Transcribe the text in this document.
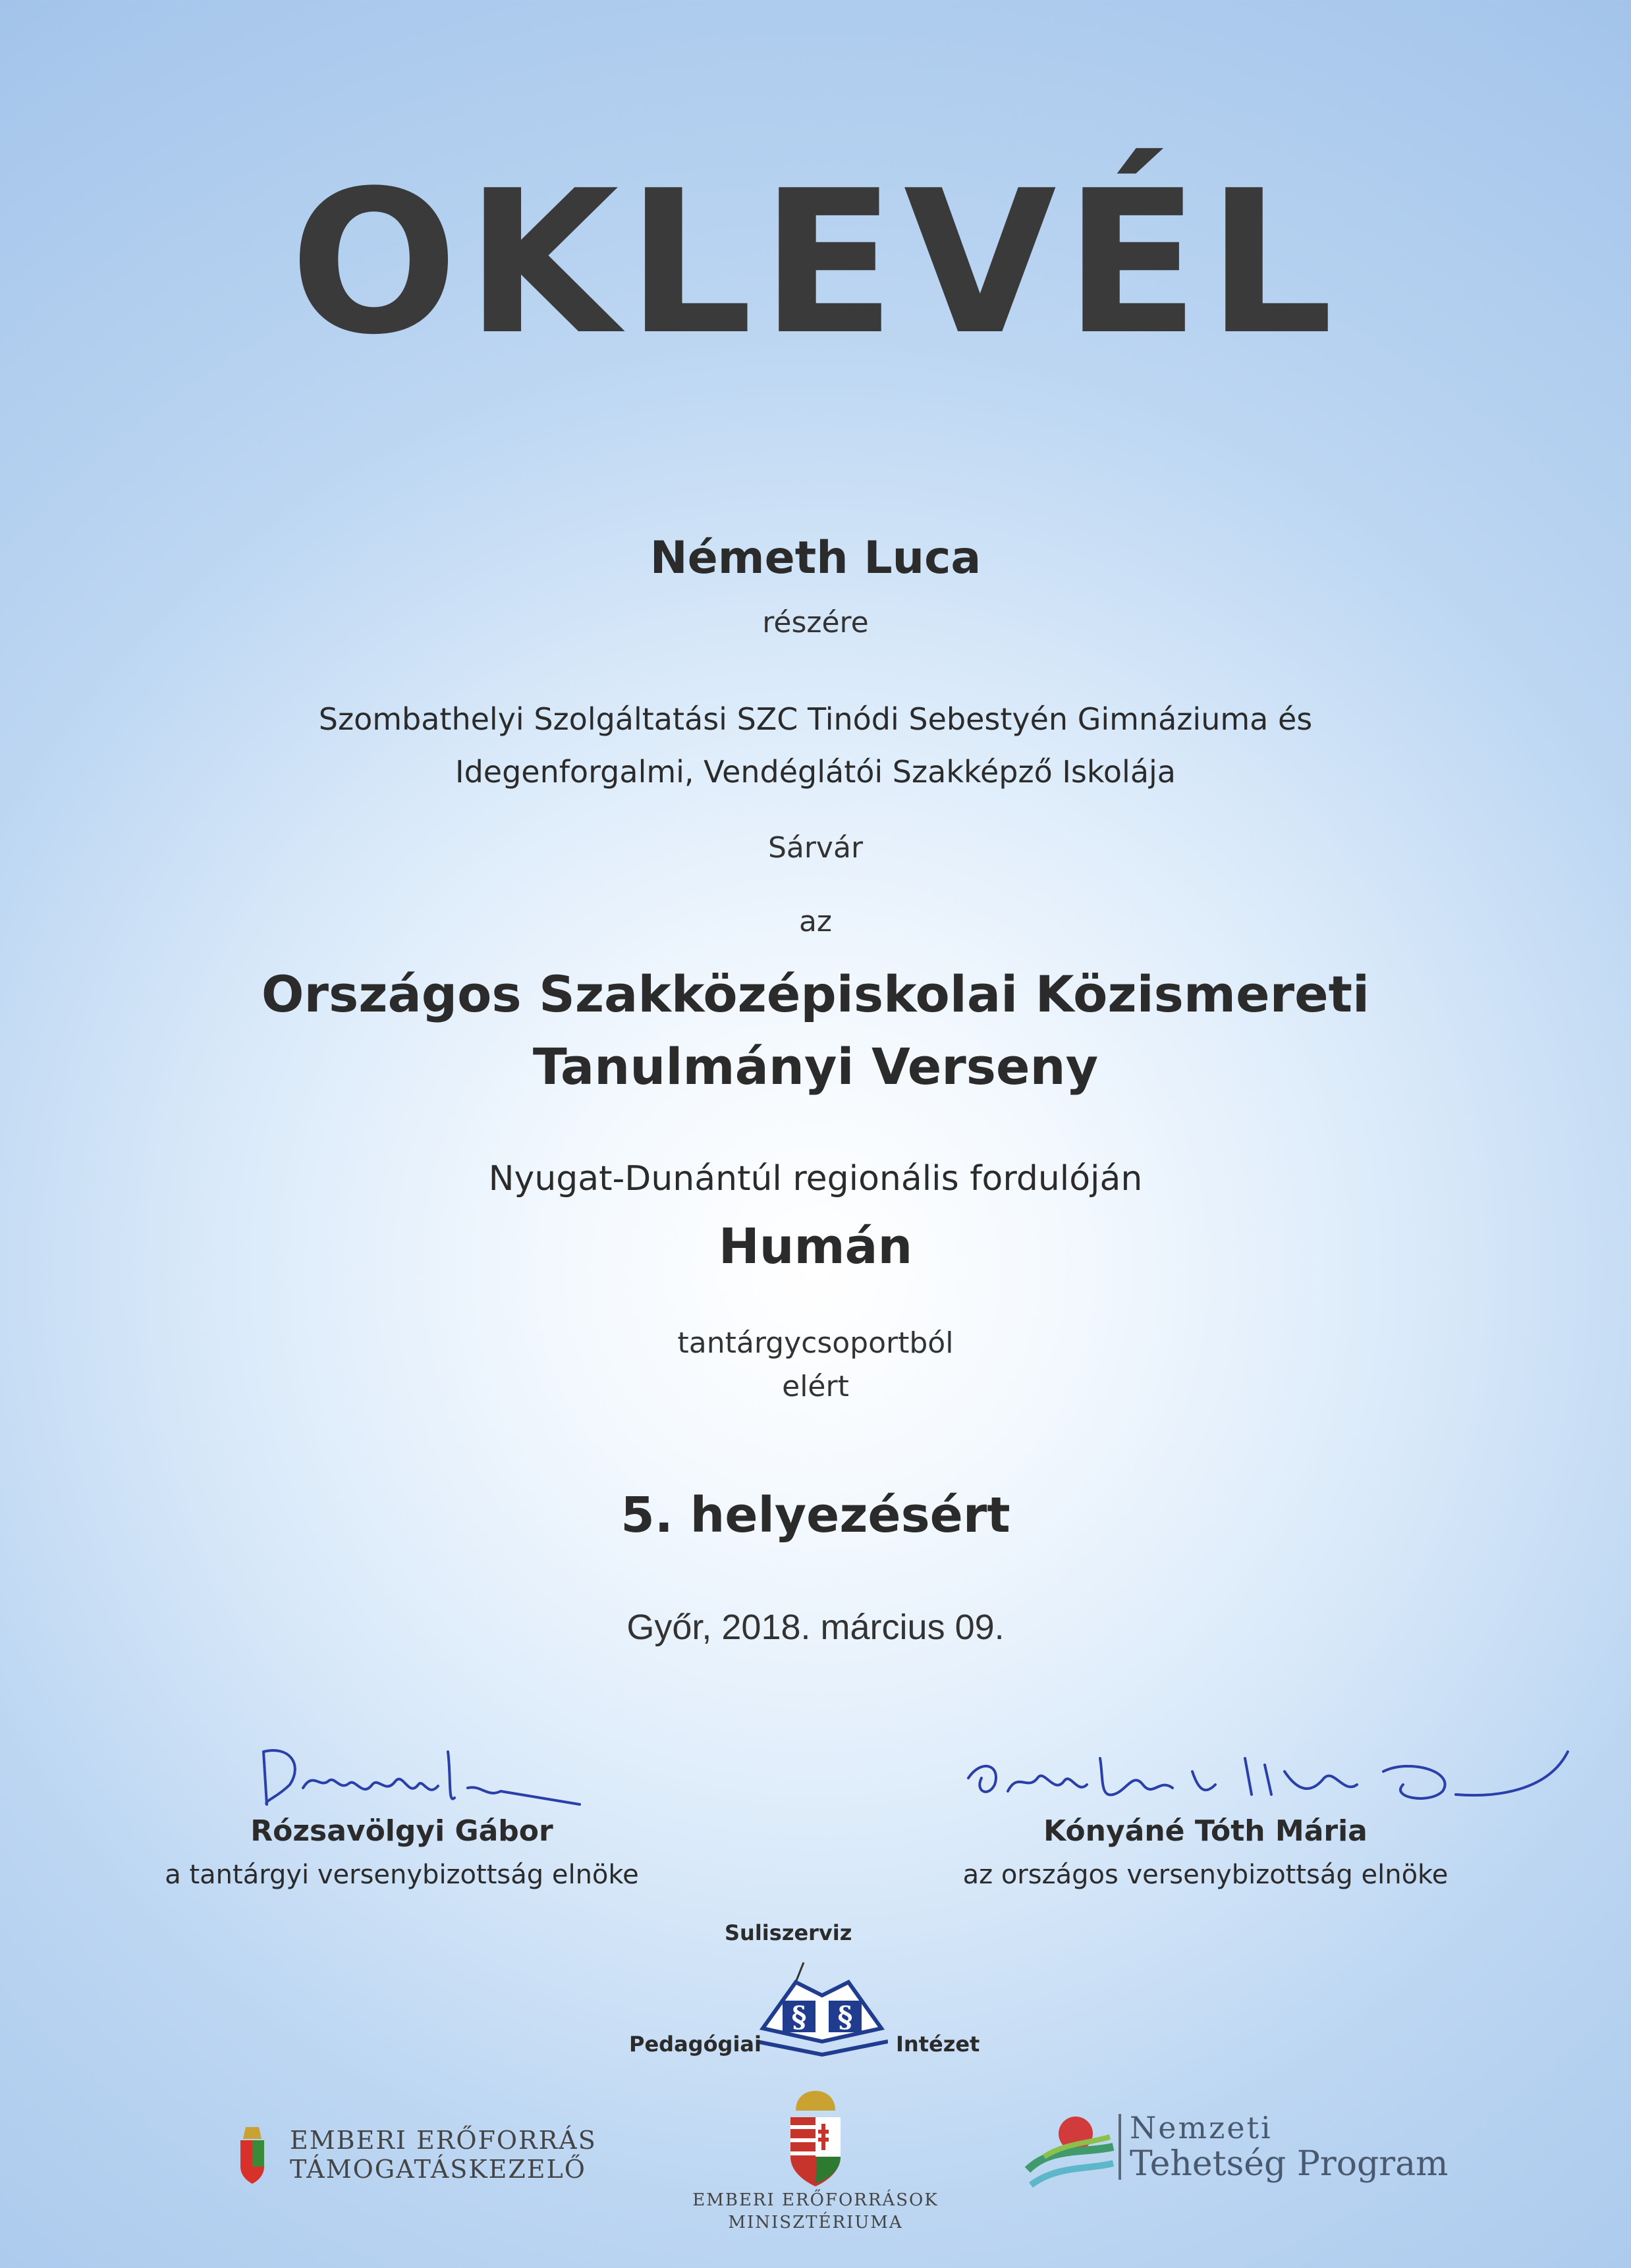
OKLEVÉL
Németh Luca
részére
Szombathelyi Szolgáltatási SZC Tinódi Sebestyén Gimnáziuma és
Idegenforgalmi, Vendéglátói Szakképző Iskolája
Sárvár
az
Országos Szakközépiskolai Közismereti
Tanulmányi Verseny
Nyugat-Dunántúl regionális fordulóján
Humán
tantárgycsoportból
elért
5. helyezésért
Győr, 2018. március 09.
Rózsavölgyi Gábor
a tantárgyi versenybizottság elnöke
Kónyáné Tóth Mária
az országos versenybizottság elnöke
Suliszerviz
§ §
Pedagógiai	Intézet
EMBERI ERŐFORRÁS
TÁMOGATÁSKEZELŐ
EMBERI ERŐFORRÁSOK
MINISZTÉRIUMA
Nemzeti
Tehetség Program
